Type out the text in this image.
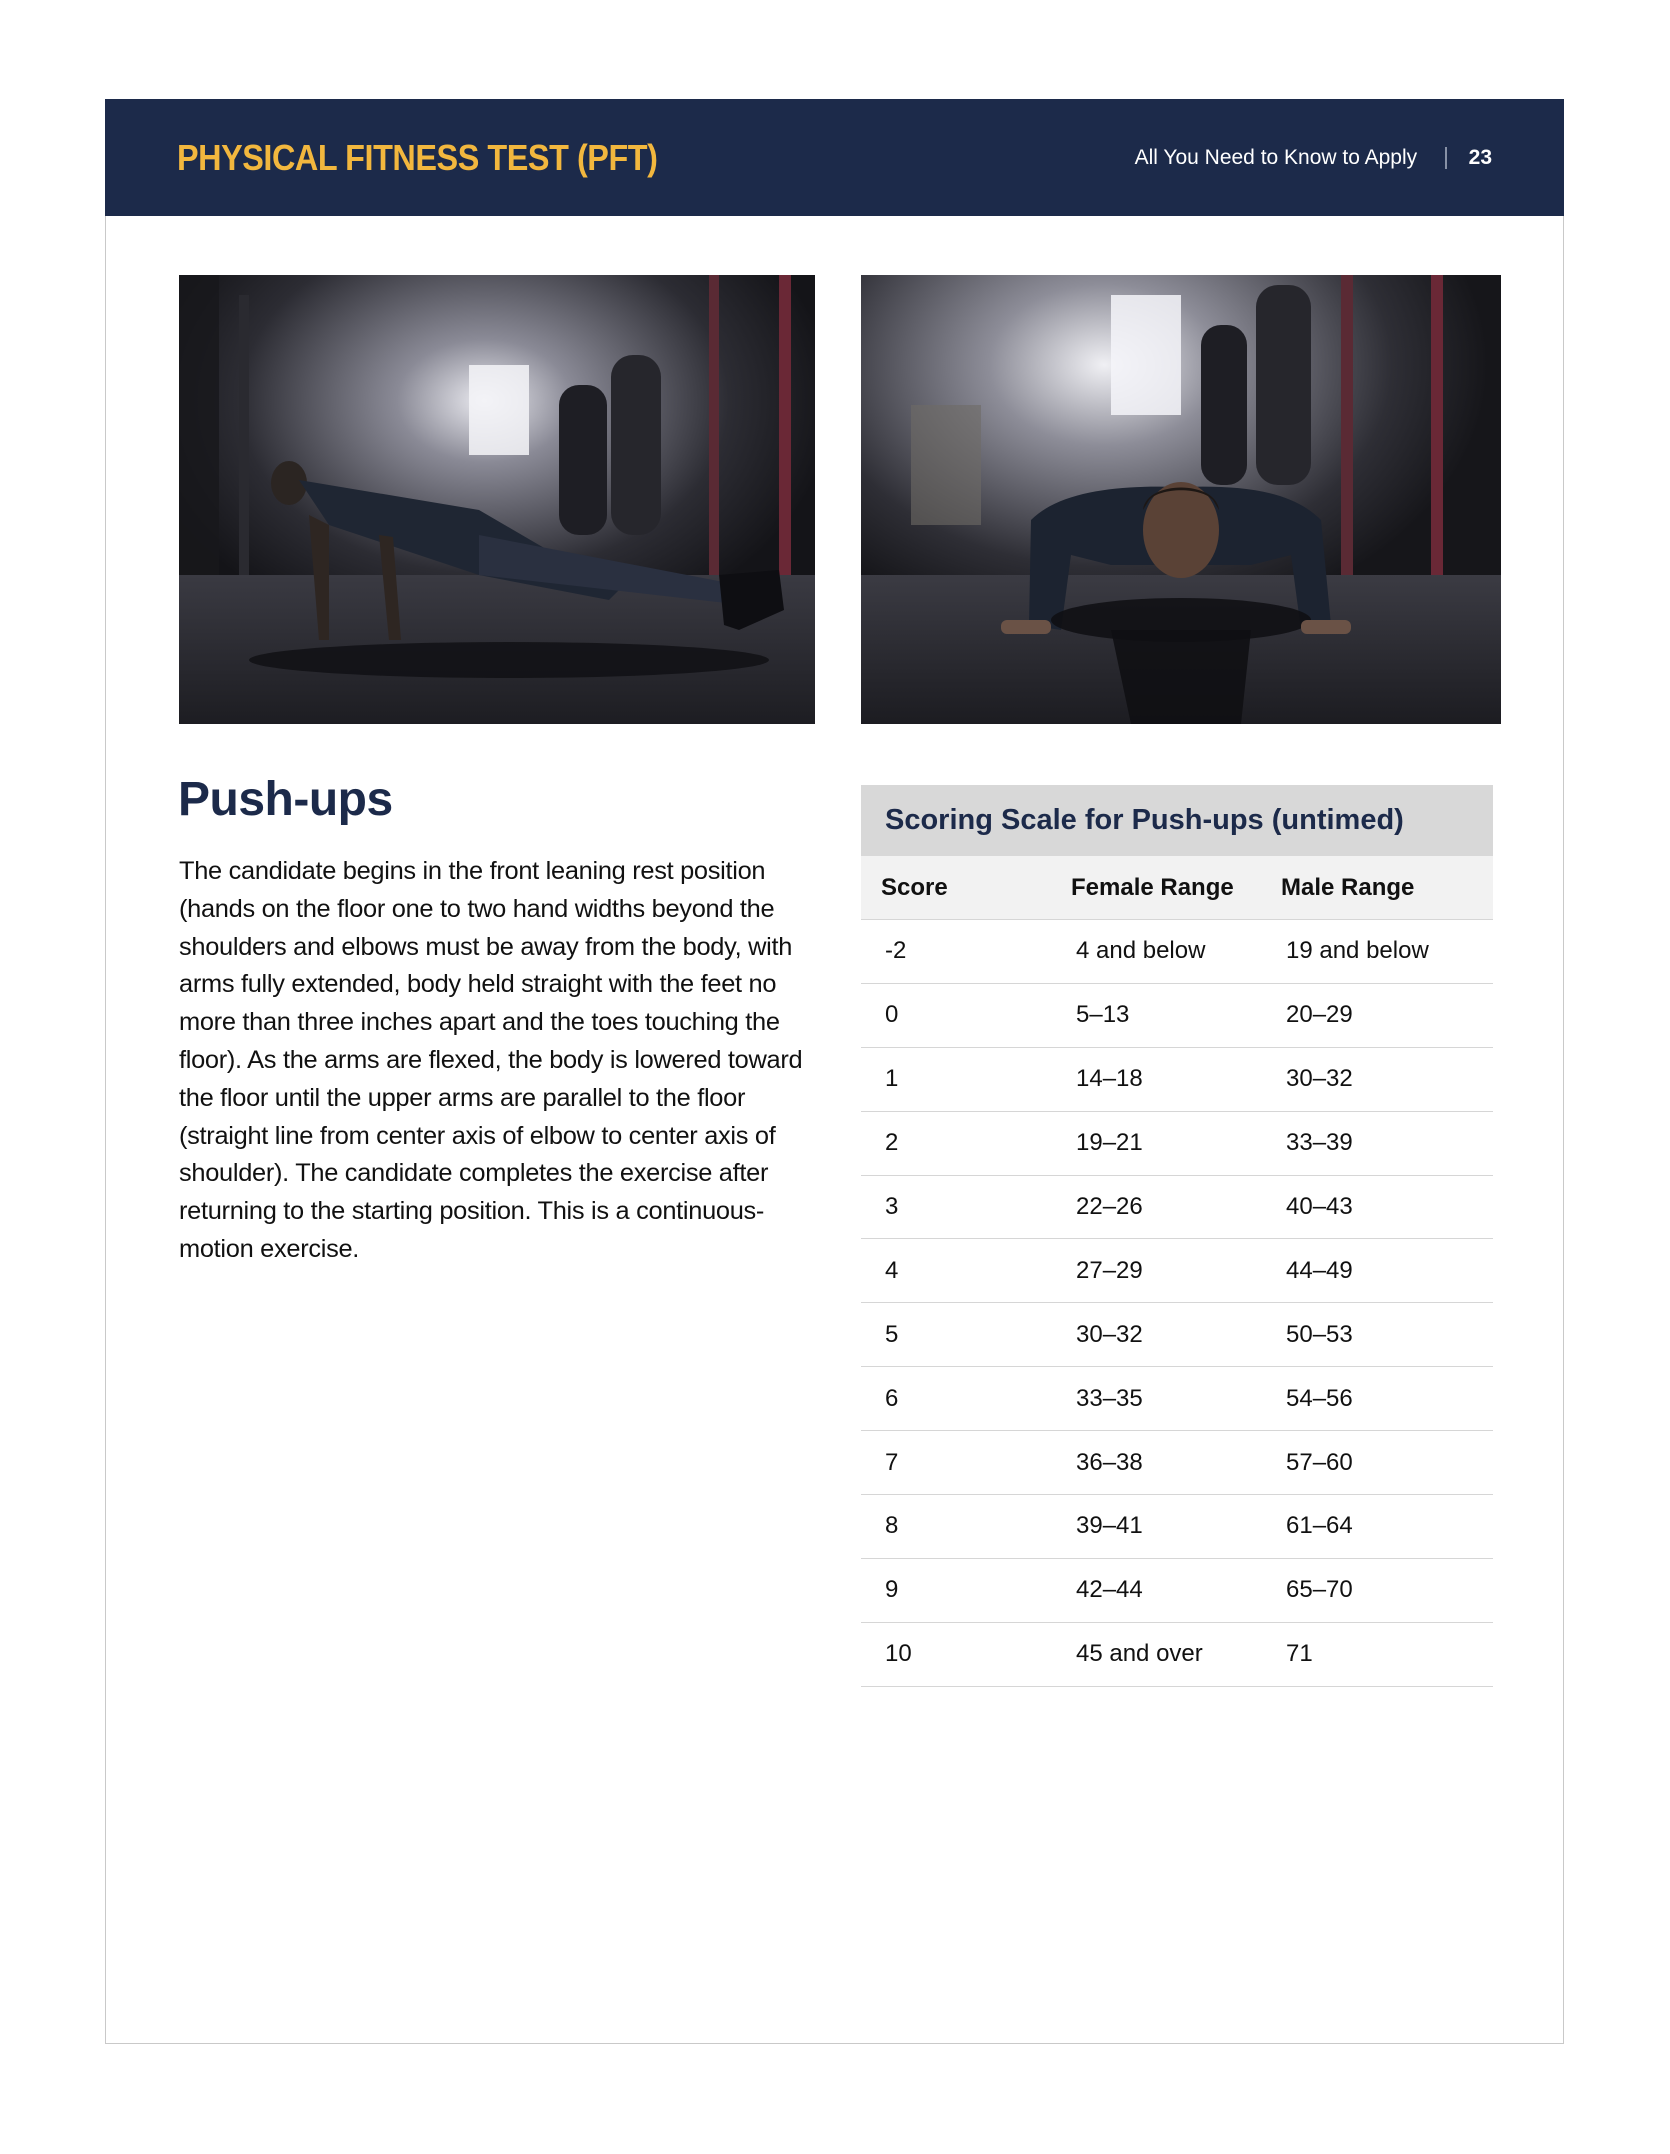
PHYSICAL FITNESS TEST (PFT)	All You Need to Know to Apply 23
Push-ups
The candidate begins in the front leaning rest position (hands on the floor one to two hand widths beyond the shoulders and elbows must be away from the body, with arms fully extended, body held straight with the feet no more than three inches apart and the toes touching the floor). As the arms are flexed, the body is lowered toward the floor until the upper arms are parallel to the floor (straight line from center axis of elbow to center axis of shoulder). The candidate completes the exercise after returning to the starting position. This is a continuous-motion exercise.
Scoring Scale for Push-ups (untimed)
Score	Female Range	Male Range
-2	4 and below	19 and below
0	5–13	20–29
1	14–18	30–32
2	19–21	33–39
3	22–26	40–43
4	27–29	44–49
5	30–32	50–53
6	33–35	54–56
7	36–38	57–60
8	39–41	61–64
9	42–44	65–70
10	45 and over	71
